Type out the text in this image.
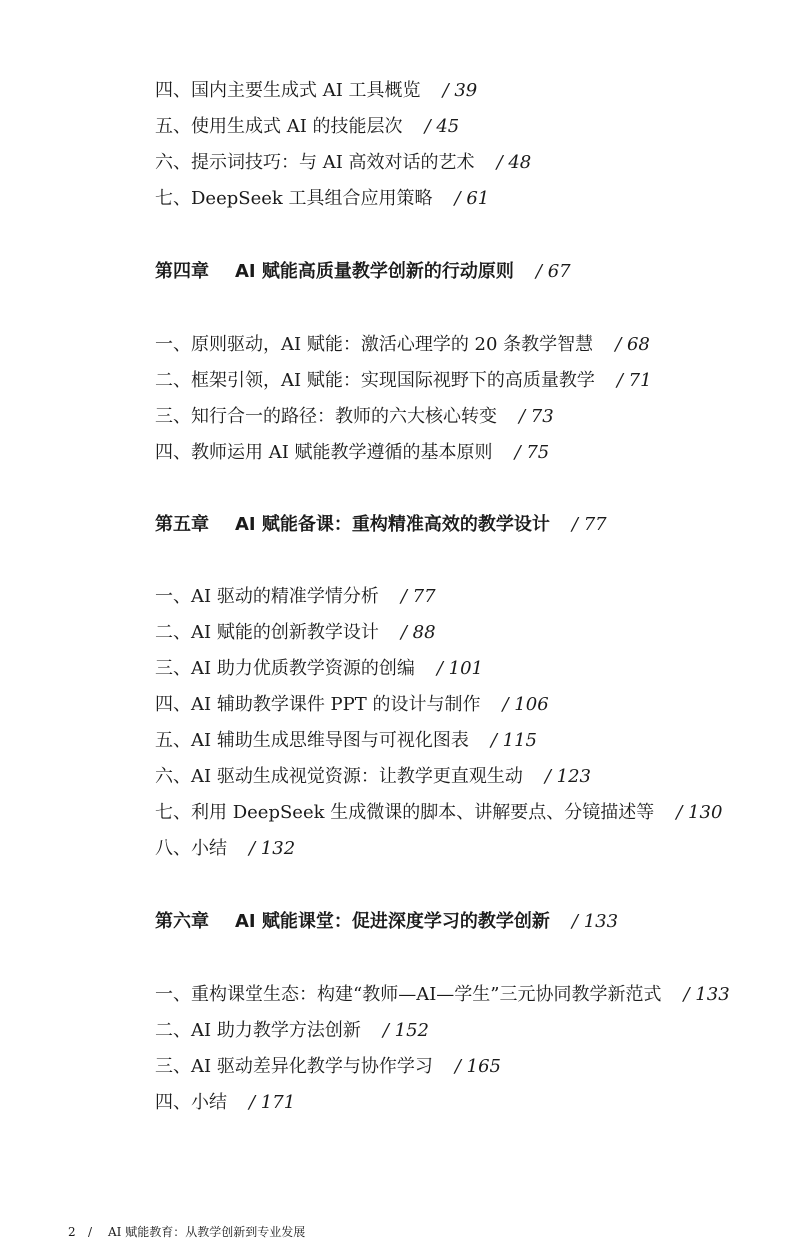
四、国内主要生成式 AI 工具概览 / 39
五、使用生成式 AI 的技能层次 / 45
六、提示词技巧：与 AI 高效对话的艺术 / 48
七、DeepSeek 工具组合应用策略 / 61
第四章 AI 赋能高质量教学创新的行动原则 / 67
一、原则驱动，AI 赋能：激活心理学的 20 条教学智慧 / 68
二、框架引领，AI 赋能：实现国际视野下的高质量教学 / 71
三、知行合一的路径：教师的六大核心转变 / 73
四、教师运用 AI 赋能教学遵循的基本原则 / 75
第五章 AI 赋能备课：重构精准高效的教学设计 / 77
一、AI 驱动的精准学情分析 / 77
二、AI 赋能的创新教学设计 / 88
三、AI 助力优质教学资源的创编 / 101
四、AI 辅助教学课件 PPT 的设计与制作 / 106
五、AI 辅助生成思维导图与可视化图表 / 115
六、AI 驱动生成视觉资源：让教学更直观生动 / 123
七、利用 DeepSeek 生成微课的脚本、讲解要点、分镜描述等 / 130
八、小结 / 132
第六章 AI 赋能课堂：促进深度学习的教学创新 / 133
一、重构课堂生态：构建“教师—AI—学生”三元协同教学新范式 / 133
二、AI 助力教学方法创新 / 152
三、AI 驱动差异化教学与协作学习 / 165
四、小结 / 171
2 / AI 赋能教育：从教学创新到专业发展
